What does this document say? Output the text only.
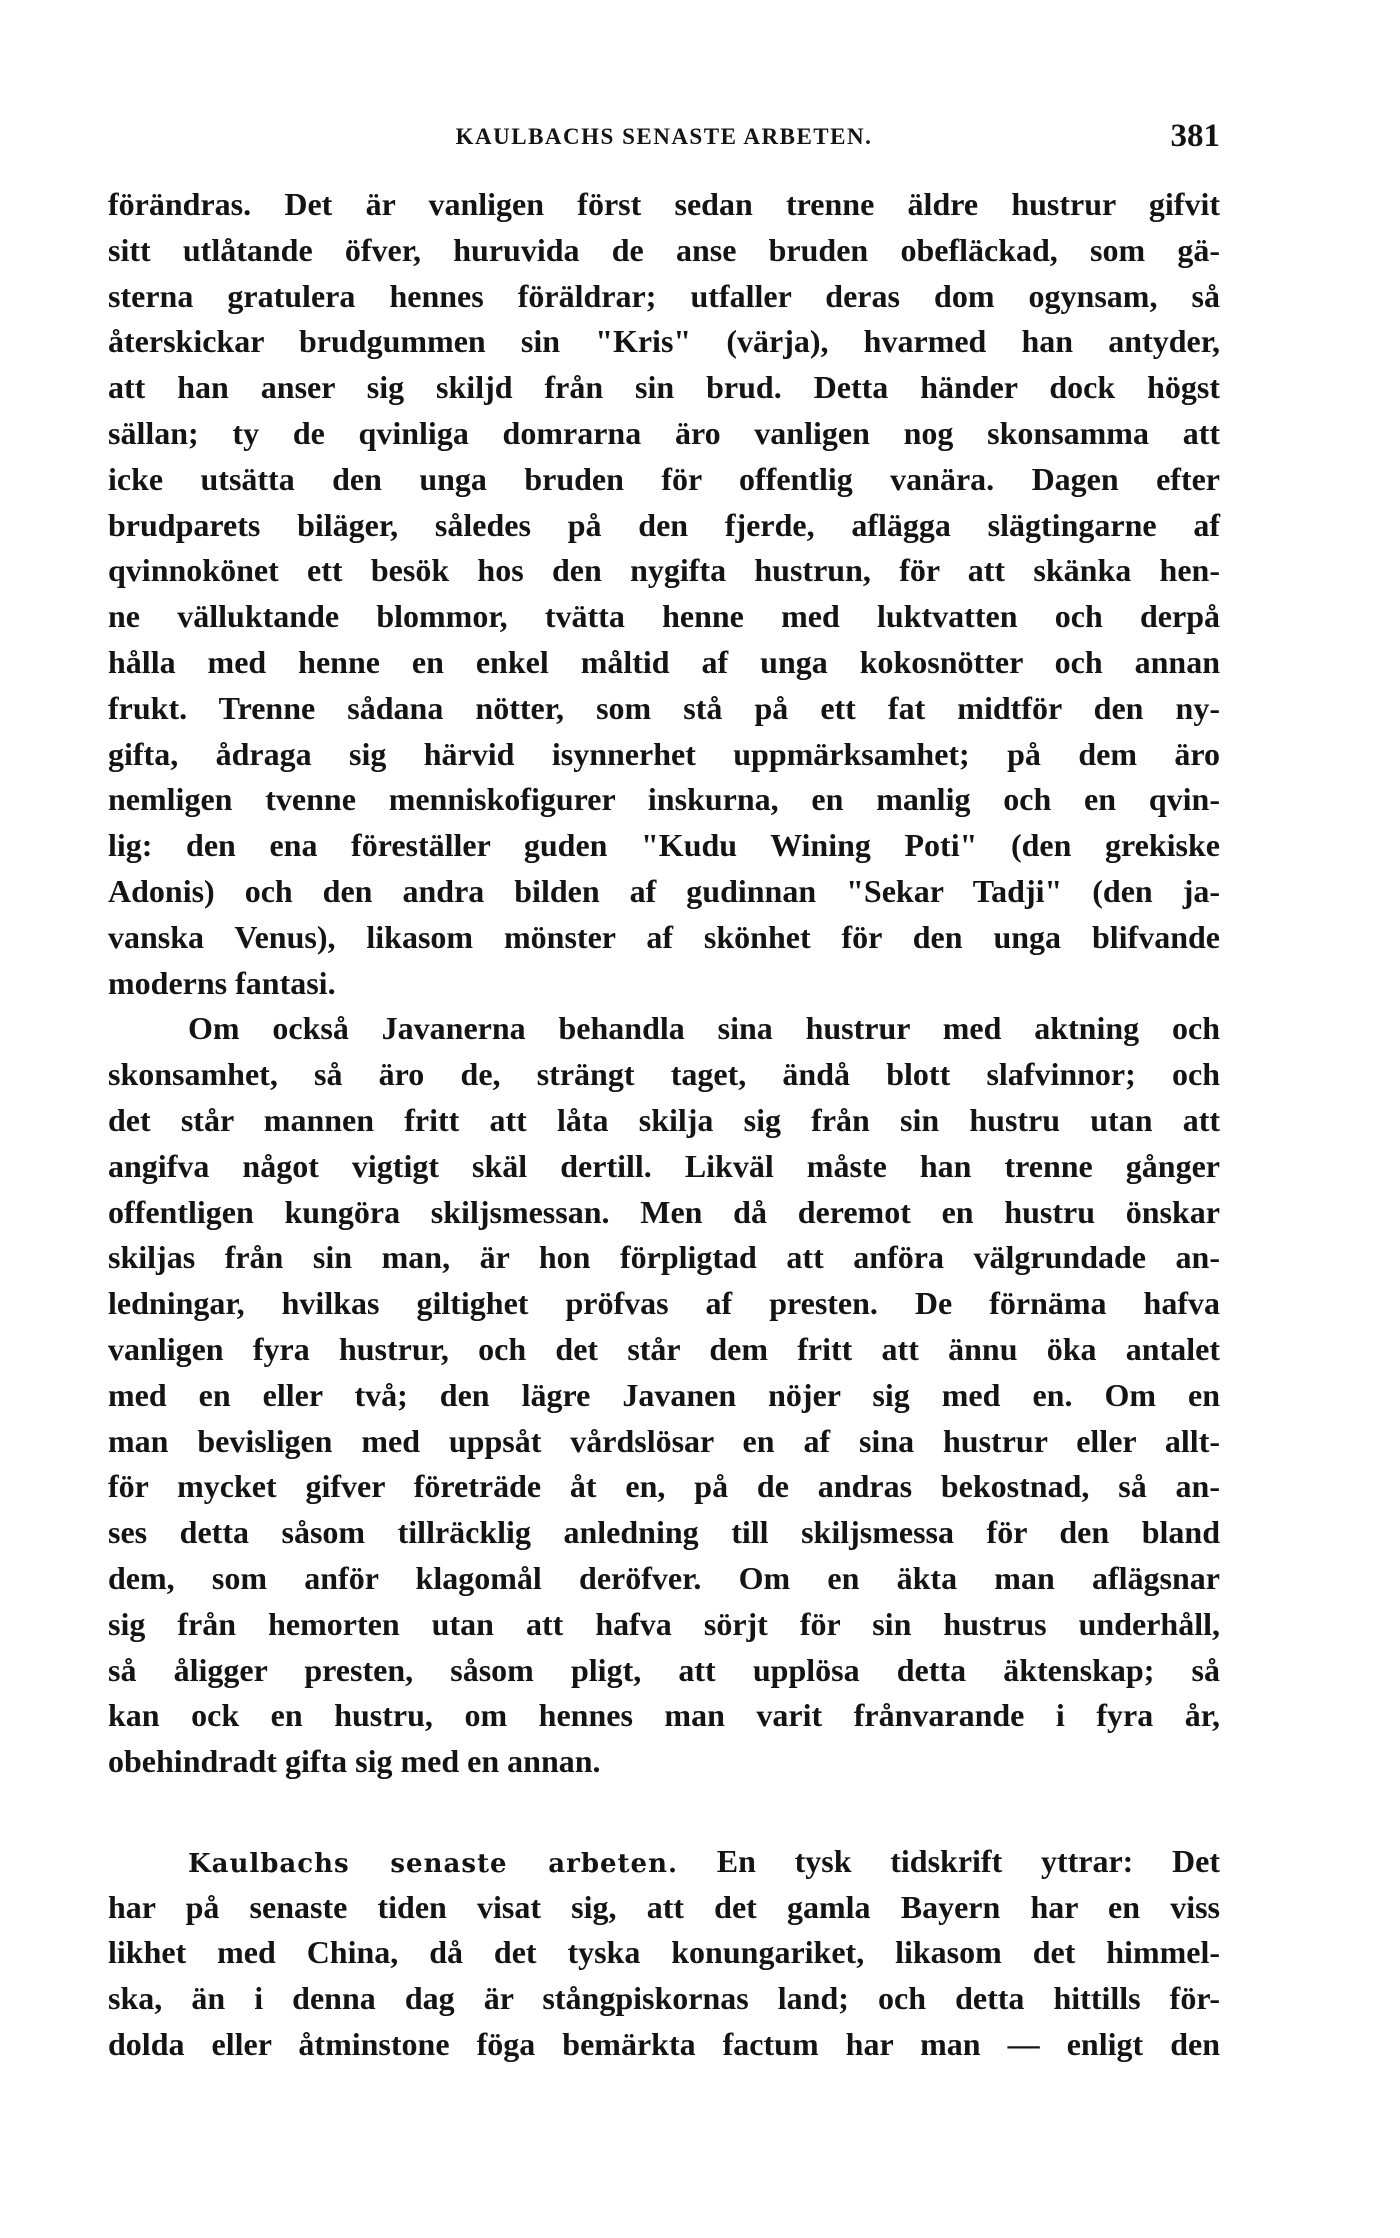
KAULBACHS SENASTE ARBETEN.	381
förändras. Det är vanligen först sedan trenne äldre hustrur gifvit
sitt utlåtande öfver, huruvida de anse bruden obefläckad, som gä-
sterna gratulera hennes föräldrar; utfaller deras dom ogynsam, så
återskickar brudgummen sin "Kris" (värja), hvarmed han antyder,
att han anser sig skiljd från sin brud. Detta händer dock högst
sällan; ty de qvinliga domrarna äro vanligen nog skonsamma att
icke utsätta den unga bruden för offentlig vanära. Dagen efter
brudparets biläger, således på den fjerde, aflägga slägtingarne af
qvinnokönet ett besök hos den nygifta hustrun, för att skänka hen-
ne välluktande blommor, tvätta henne med luktvatten och derpå
hålla med henne en enkel måltid af unga kokosnötter och annan
frukt. Trenne sådana nötter, som stå på ett fat midtför den ny-
gifta, ådraga sig härvid isynnerhet uppmärksamhet; på dem äro
nemligen tvenne menniskofigurer inskurna, en manlig och en qvin-
lig: den ena föreställer guden "Kudu Wining Poti" (den grekiske
Adonis) och den andra bilden af gudinnan "Sekar Tadji" (den ja-
vanska Venus), likasom mönster af skönhet för den unga blifvande
moderns fantasi.
Om också Javanerna behandla sina hustrur med aktning och
skonsamhet, så äro de, strängt taget, ändå blott slafvinnor; och
det står mannen fritt att låta skilja sig från sin hustru utan att
angifva något vigtigt skäl dertill. Likväl måste han trenne gånger
offentligen kungöra skiljsmessan. Men då deremot en hustru önskar
skiljas från sin man, är hon förpligtad att anföra välgrundade an-
ledningar, hvilkas giltighet pröfvas af presten. De förnäma hafva
vanligen fyra hustrur, och det står dem fritt att ännu öka antalet
med en eller två; den lägre Javanen nöjer sig med en. Om en
man bevisligen med uppsåt vårdslösar en af sina hustrur eller allt-
för mycket gifver företräde åt en, på de andras bekostnad, så an-
ses detta såsom tillräcklig anledning till skiljsmessa för den bland
dem, som anför klagomål deröfver. Om en äkta man aflägsnar
sig från hemorten utan att hafva sörjt för sin hustrus underhåll,
så åligger presten, såsom pligt, att upplösa detta äktenskap; så
kan ock en hustru, om hennes man varit frånvarande i fyra år,
obehindradt gifta sig med en annan.
Kaulbachs senaste arbeten. En tysk tidskrift yttrar: Det
har på senaste tiden visat sig, att det gamla Bayern har en viss
likhet med China, då det tyska konungariket, likasom det himmel-
ska, än i denna dag är stångpiskornas land; och detta hittills för-
dolda eller åtminstone föga bemärkta factum har man — enligt den
